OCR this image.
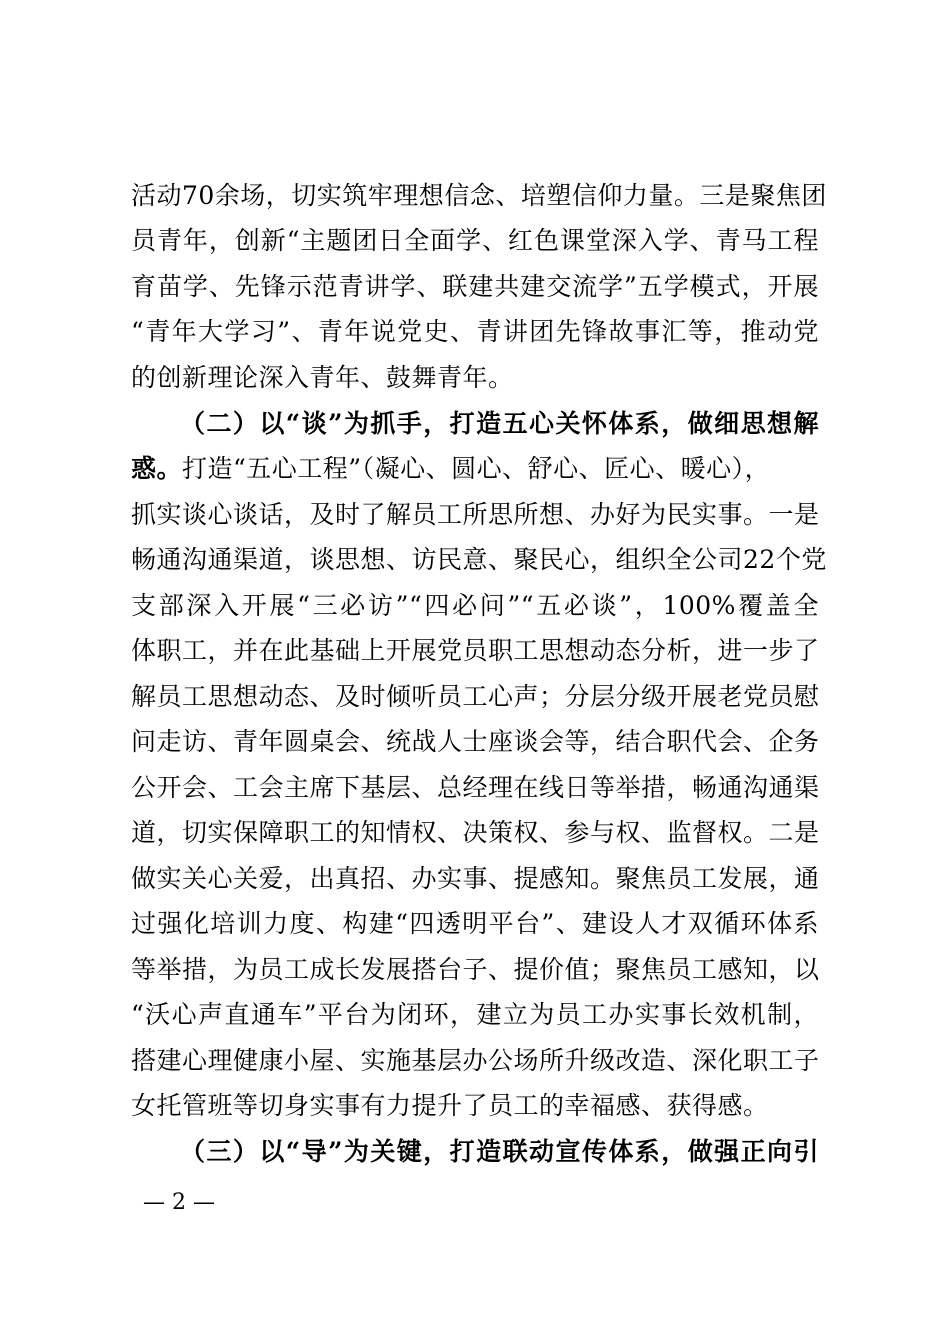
活动70余场，切实筑牢理想信念、培塑信仰力量。三是聚焦团
员青年，创新“主题团日全面学、红色课堂深入学、青马工程
育苗学、先锋示范青讲学、联建共建交流学”五学模式，开展
“青年大学习”、青年说党史、青讲团先锋故事汇等，推动党
的创新理论深入青年、鼓舞青年。
（二）以“谈”为抓手，打造五心关怀体系，做细思想解
惑。打造“五心工程”（凝心、圆心、舒心、匠心、暖心），
抓实谈心谈话，及时了解员工所思所想、办好为民实事。一是
畅通沟通渠道，谈思想、访民意、聚民心，组织全公司22个党
支部深入开展“三必访”“四必问”“五必谈”，100%覆盖全
体职工，并在此基础上开展党员职工思想动态分析，进一步了
解员工思想动态、及时倾听员工心声；分层分级开展老党员慰
问走访、青年圆桌会、统战人士座谈会等，结合职代会、企务
公开会、工会主席下基层、总经理在线日等举措，畅通沟通渠
道，切实保障职工的知情权、决策权、参与权、监督权。二是
做实关心关爱，出真招、办实事、提感知。聚焦员工发展，通
过强化培训力度、构建“四透明平台”、建设人才双循环体系
等举措，为员工成长发展搭台子、提价值；聚焦员工感知，以
“沃心声直通车”平台为闭环，建立为员工办实事长效机制，
搭建心理健康小屋、实施基层办公场所升级改造、深化职工子
女托管班等切身实事有力提升了员工的幸福感、获得感。
（三）以“导”为关键，打造联动宣传体系，做强正向引
— 2 —
